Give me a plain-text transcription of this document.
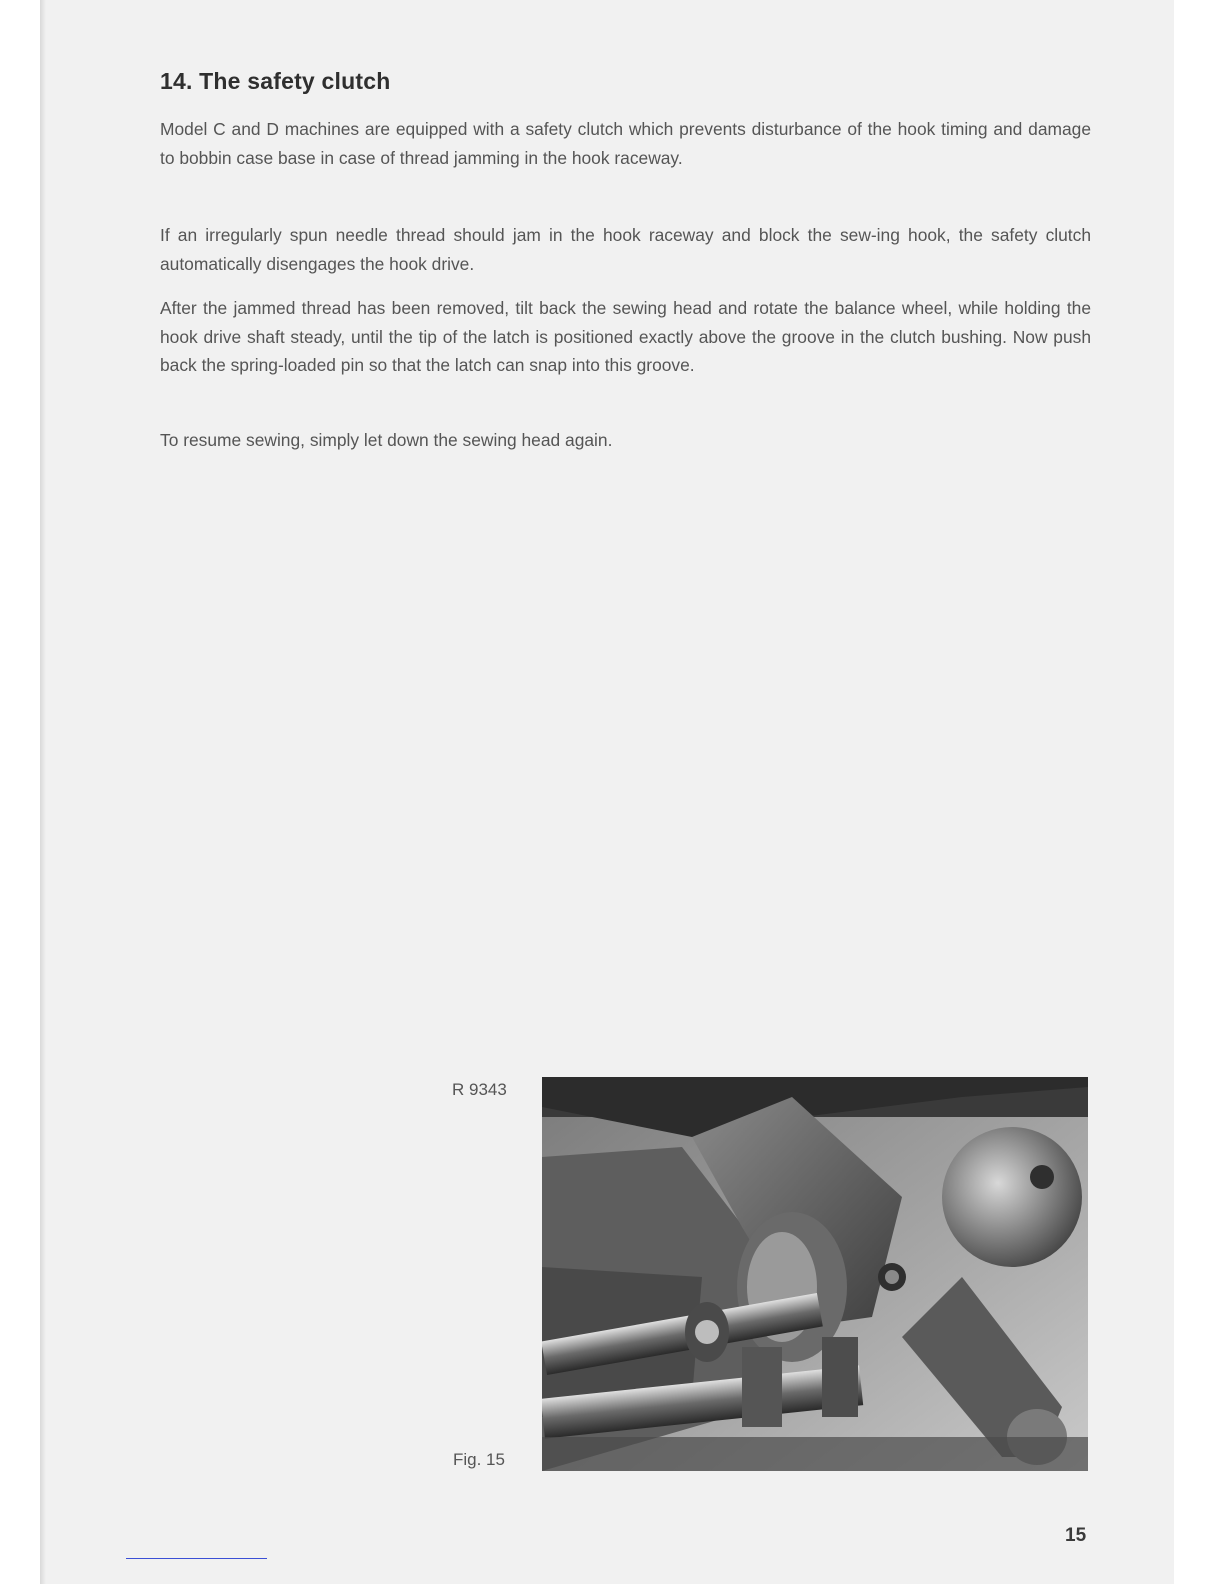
14. The safety clutch

Model C and D machines are equipped with a safety clutch which prevents disturbance of the hook timing and damage to bobbin case base in case of thread jamming in the hook raceway.

If an irregularly spun needle thread should jam in the hook raceway and block the sew-ing hook, the safety clutch automatically disengages the hook drive.

After the jammed thread has been removed, tilt back the sewing head and rotate the balance wheel, while holding the hook drive shaft steady, until the tip of the latch is positioned exactly above the groove in the clutch bushing. Now push back the spring-loaded pin so that the latch can snap into this groove.

To resume sewing, simply let down the sewing head again.

R 9343
Fig. 15
15
